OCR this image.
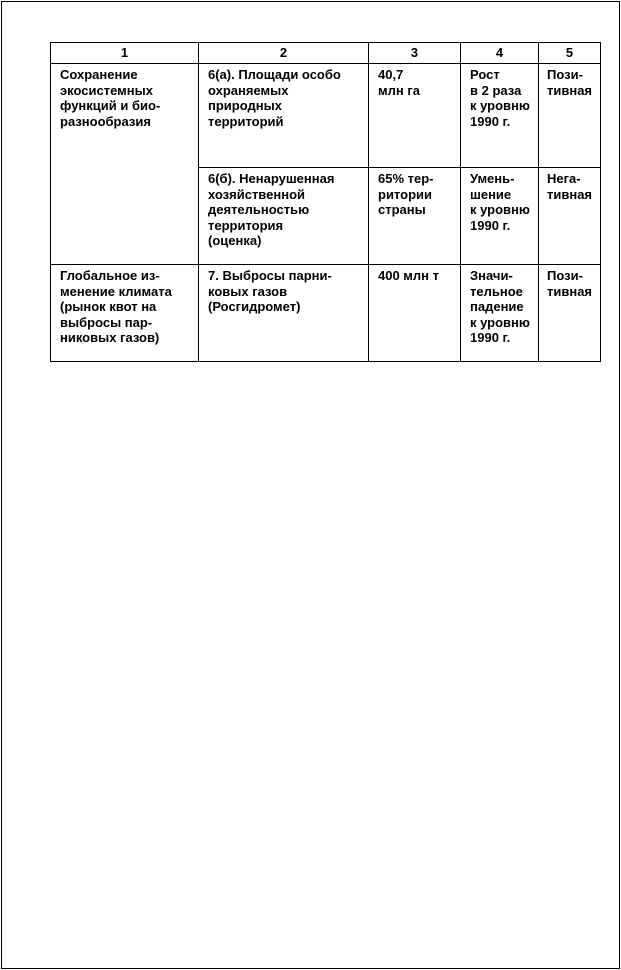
1	2	3	4	5
Сохранение
экосистемных
функций и био-
разнообразия	6(а). Площади особо
охраняемых
природных
территорий	40,7
млн га	Рост
в 2 раза
к уровню
1990 г.	Пози-
тивная
	6(б). Ненарушенная
хозяйственной
деятельностью
территория
(оценка)	65% тер-
ритории
страны	Умень-
шение
к уровню
1990 г.	Нега-
тивная
Глобальное из-
менение климата
(рынок квот на
выбросы пар-
никовых газов)	7. Выбросы парни-
ковых газов
(Росгидромет)	400 млн т	Значи-
тельное
падение
к уровню
1990 г.	Пози-
тивная
